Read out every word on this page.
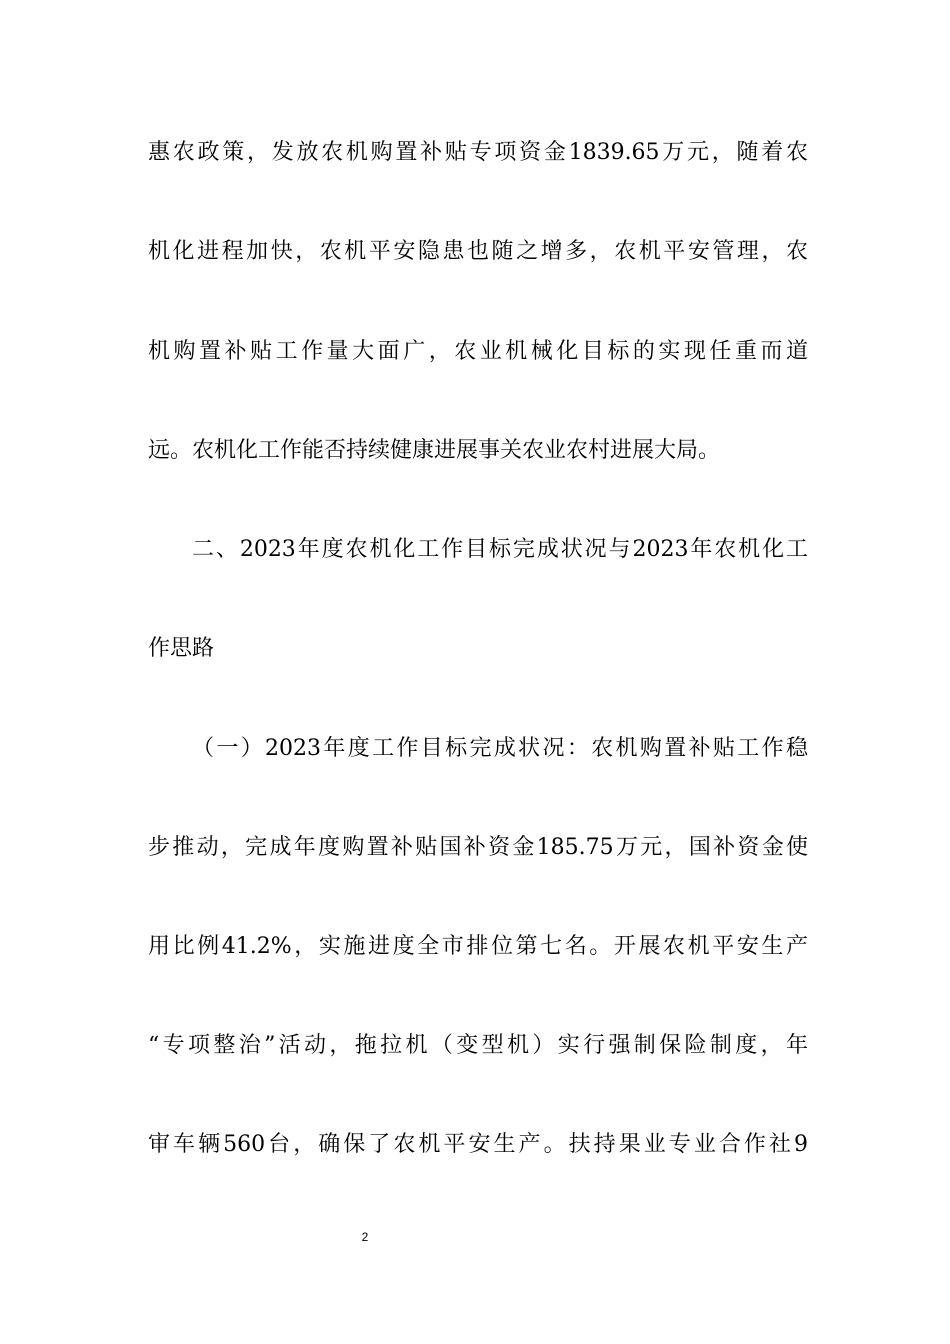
惠农政策，发放农机购置补贴专项资金1839.65万元，随着农
机化进程加快，农机平安隐患也随之增多，农机平安管理，农
机购置补贴工作量大面广，农业机械化目标的实现任重而道
远。农机化工作能否持续健康进展事关农业农村进展大局。
二、2023年度农机化工作目标完成状况与2023年农机化工
作思路
（一）2023年度工作目标完成状况：农机购置补贴工作稳
步推动，完成年度购置补贴国补资金185.75万元，国补资金使
用比例41.2%，实施进度全市排位第七名。开展农机平安生产
“专项整治”活动，拖拉机（变型机）实行强制保险制度，年
审车辆560台，确保了农机平安生产。扶持果业专业合作社9
2
